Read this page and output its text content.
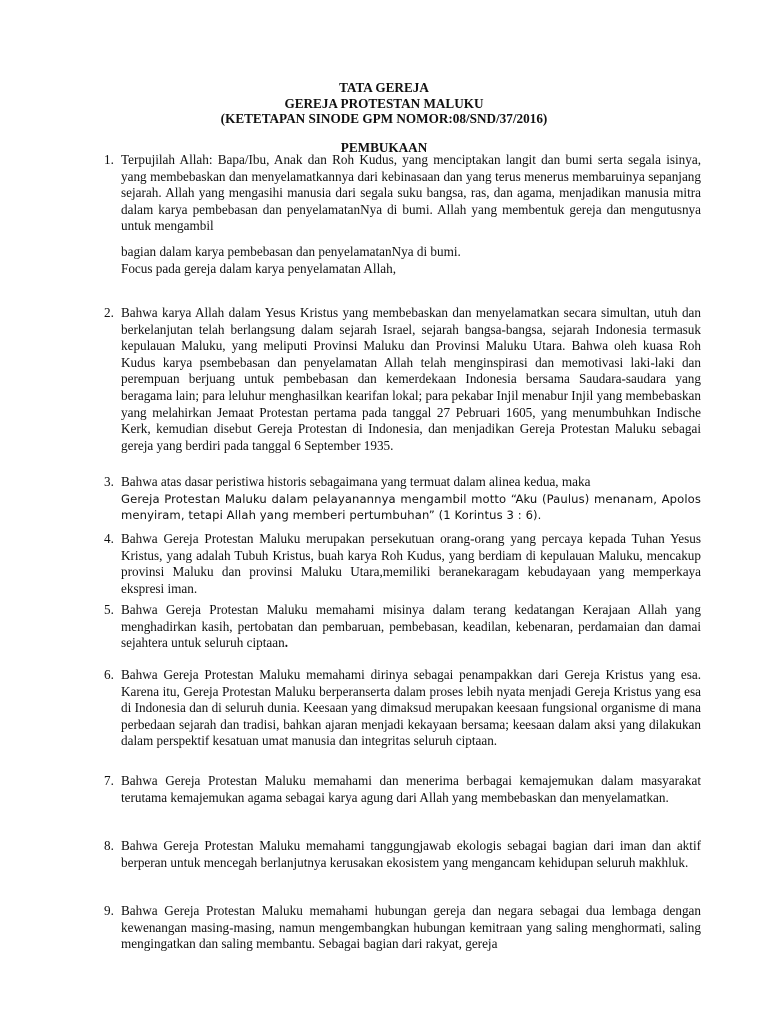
TATA GEREJA
GEREJA PROTESTAN MALUKU
(KETETAPAN SINODE GPM NOMOR:08/SND/37/2016)
PEMBUKAAN
1. Terpujilah Allah: Bapa/Ibu, Anak dan Roh Kudus, yang menciptakan langit dan bumi serta segala isinya, yang membebaskan dan menyelamatkannya dari kebinasaan dan yang terus menerus membaruinya sepanjang sejarah. Allah yang mengasihi manusia dari segala suku bangsa, ras, dan agama, menjadikan manusia mitra dalam karya pembebasan dan penyelamatanNya di bumi. Allah yang membentuk gereja dan mengutusnya untuk mengambil
bagian dalam karya pembebasan dan penyelamatanNya di bumi.
Focus pada gereja dalam karya penyelamatan Allah,
2. Bahwa karya Allah dalam Yesus Kristus yang membebaskan dan menyelamatkan secara simultan, utuh dan berkelanjutan telah berlangsung dalam sejarah Israel, sejarah bangsa-bangsa, sejarah Indonesia termasuk kepulauan Maluku, yang meliputi Provinsi Maluku dan Provinsi Maluku Utara. Bahwa oleh kuasa Roh Kudus karya psembebasan dan penyelamatan Allah telah menginspirasi dan memotivasi laki-laki dan perempuan berjuang untuk pembebasan dan kemerdekaan Indonesia bersama Saudara-saudara yang beragama lain; para leluhur menghasilkan kearifan lokal; para pekabar Injil menabur Injil yang membebaskan yang melahirkan Jemaat Protestan pertama pada tanggal 27 Pebruari 1605, yang menumbuhkan Indische Kerk, kemudian disebut Gereja Protestan di Indonesia, dan menjadikan Gereja Protestan Maluku sebagai gereja yang berdiri pada tanggal 6 September 1935.
3. Bahwa atas dasar peristiwa historis sebagaimana yang termuat dalam alinea kedua, maka
Gereja Protestan Maluku dalam pelayanannya mengambil motto “Aku (Paulus) menanam, Apolos menyiram, tetapi Allah yang memberi pertumbuhan” (1 Korintus 3 : 6).
4. Bahwa Gereja Protestan Maluku merupakan persekutuan orang-orang yang percaya kepada Tuhan Yesus Kristus, yang adalah Tubuh Kristus, buah karya Roh Kudus, yang berdiam di kepulauan Maluku, mencakup provinsi Maluku dan provinsi Maluku Utara,memiliki beranekaragam kebudayaan yang memperkaya ekspresi iman.
5. Bahwa Gereja Protestan Maluku memahami misinya dalam terang kedatangan Kerajaan Allah yang menghadirkan kasih, pertobatan dan pembaruan, pembebasan, keadilan, kebenaran, perdamaian dan damai sejahtera untuk seluruh ciptaan.
6. Bahwa Gereja Protestan Maluku memahami dirinya sebagai penampakkan dari Gereja Kristus yang esa. Karena itu, Gereja Protestan Maluku berperanserta dalam proses lebih nyata menjadi Gereja Kristus yang esa di Indonesia dan di seluruh dunia. Keesaan yang dimaksud merupakan keesaan fungsional organisme di mana perbedaan sejarah dan tradisi, bahkan ajaran menjadi kekayaan bersama; keesaan dalam aksi yang dilakukan dalam perspektif kesatuan umat manusia dan integritas seluruh ciptaan.
7. Bahwa Gereja Protestan Maluku memahami dan menerima berbagai kemajemukan dalam masyarakat terutama kemajemukan agama sebagai karya agung dari Allah yang membebaskan dan menyelamatkan.
8. Bahwa Gereja Protestan Maluku memahami tanggungjawab ekologis sebagai bagian dari iman dan aktif berperan untuk mencegah berlanjutnya kerusakan ekosistem yang mengancam kehidupan seluruh makhluk.
9. Bahwa Gereja Protestan Maluku memahami hubungan gereja dan negara sebagai dua lembaga dengan kewenangan masing-masing, namun mengembangkan hubungan kemitraan yang saling menghormati, saling mengingatkan dan saling membantu. Sebagai bagian dari rakyat, gereja
